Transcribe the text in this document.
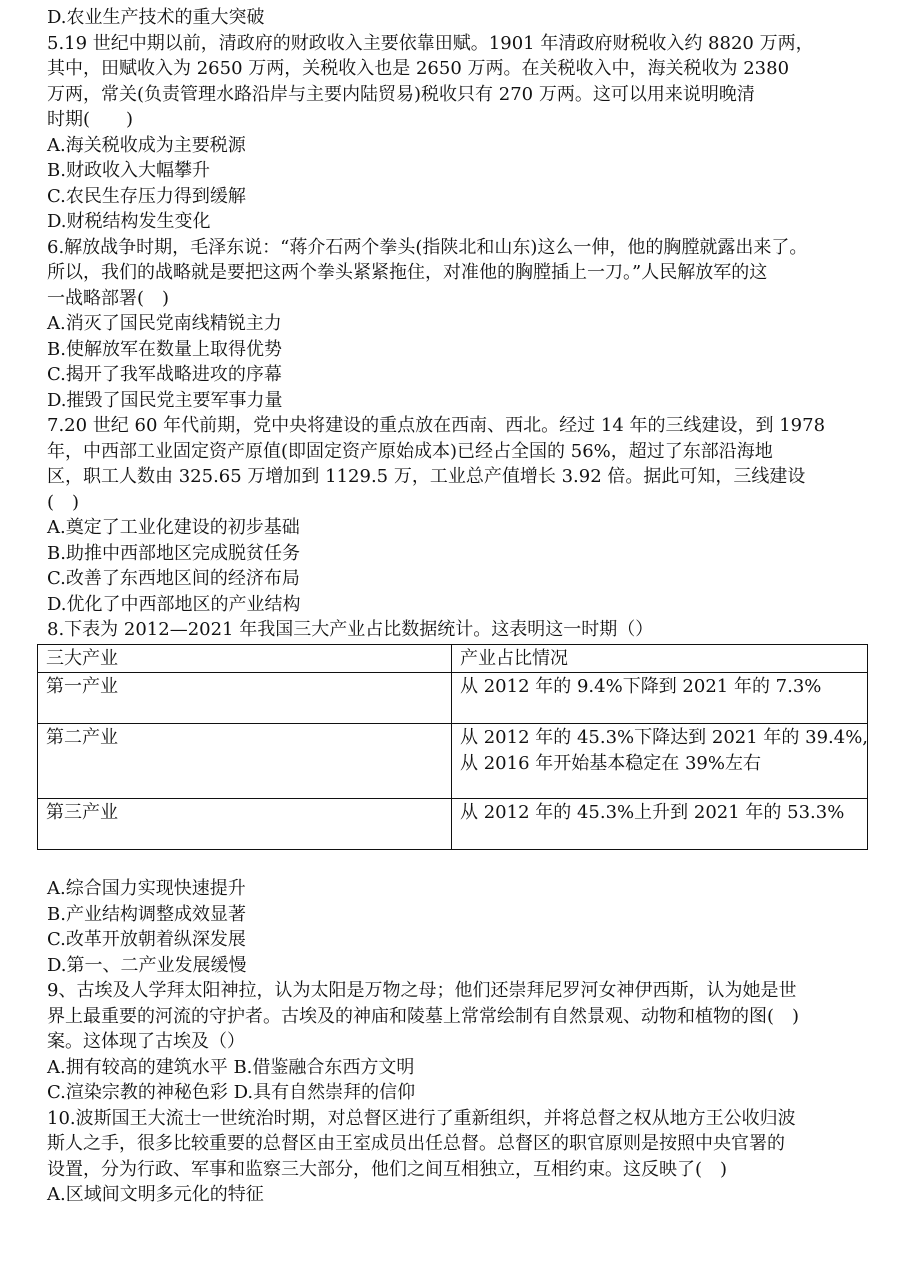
D.农业生产技术的重大突破
5.19 世纪中期以前，清政府的财政收入主要依靠田赋。1901 年清政府财税收入约 8820 万两，
其中，田赋收入为 2650 万两，关税收入也是 2650 万两。在关税收入中，海关税收为 2380
万两，常关(负责管理水路沿岸与主要内陆贸易)税收只有 270 万两。这可以用来说明晚清
时期(　　)
A.海关税收成为主要税源
B.财政收入大幅攀升
C.农民生存压力得到缓解
D.财税结构发生变化
6.解放战争时期，毛泽东说：“蒋介石两个拳头(指陕北和山东)这么一伸，他的胸膛就露出来了。
所以，我们的战略就是要把这两个拳头紧紧拖住，对准他的胸膛插上一刀。”人民解放军的这
一战略部署(　)
A.消灭了国民党南线精锐主力
B.使解放军在数量上取得优势
C.揭开了我军战略进攻的序幕
D.摧毁了国民党主要军事力量
7.20 世纪 60 年代前期，党中央将建设的重点放在西南、西北。经过 14 年的三线建设，到 1978
年，中西部工业固定资产原值(即固定资产原始成本)已经占全国的 56%，超过了东部沿海地
区，职工人数由 325.65 万增加到 1129.5 万，工业总产值增长 3.92 倍。据此可知，三线建设
(　)
A.奠定了工业化建设的初步基础
B.助推中西部地区完成脱贫任务
C.改善了东西地区间的经济布局
D.优化了中西部地区的产业结构
8.下表为 2012—2021 年我国三大产业占比数据统计。这表明这一时期（）
三大产业	产业占比情况
第一产业	从 2012 年的 9.4%下降到 2021 年的 7.3%

第二产业	从 2012 年的 45.3%下降达到 2021 年的 39.4%,
从 2016 年开始基本稳定在 39%左右

第三产业	从 2012 年的 45.3%上升到 2021 年的 53.3%
A.综合国力实现快速提升
B.产业结构调整成效显著
C.改革开放朝着纵深发展
D.第一、二产业发展缓慢
9、古埃及人学拜太阳神拉，认为太阳是万物之母；他们还崇拜尼罗河女神伊西斯，认为她是世
界上最重要的河流的守护者。古埃及的神庙和陵墓上常常绘制有自然景观、动物和植物的图(　)
案。这体现了古埃及（）
A.拥有较高的建筑水平 B.借鉴融合东西方文明
C.渲染宗教的神秘色彩 D.具有自然崇拜的信仰
10.波斯国王大流士一世统治时期，对总督区进行了重新组织，并将总督之权从地方王公收归波
斯人之手，很多比较重要的总督区由王室成员出任总督。总督区的职官原则是按照中央官署的
设置，分为行政、军事和监察三大部分，他们之间互相独立，互相约束。这反映了(　)
A.区域间文明多元化的特征
